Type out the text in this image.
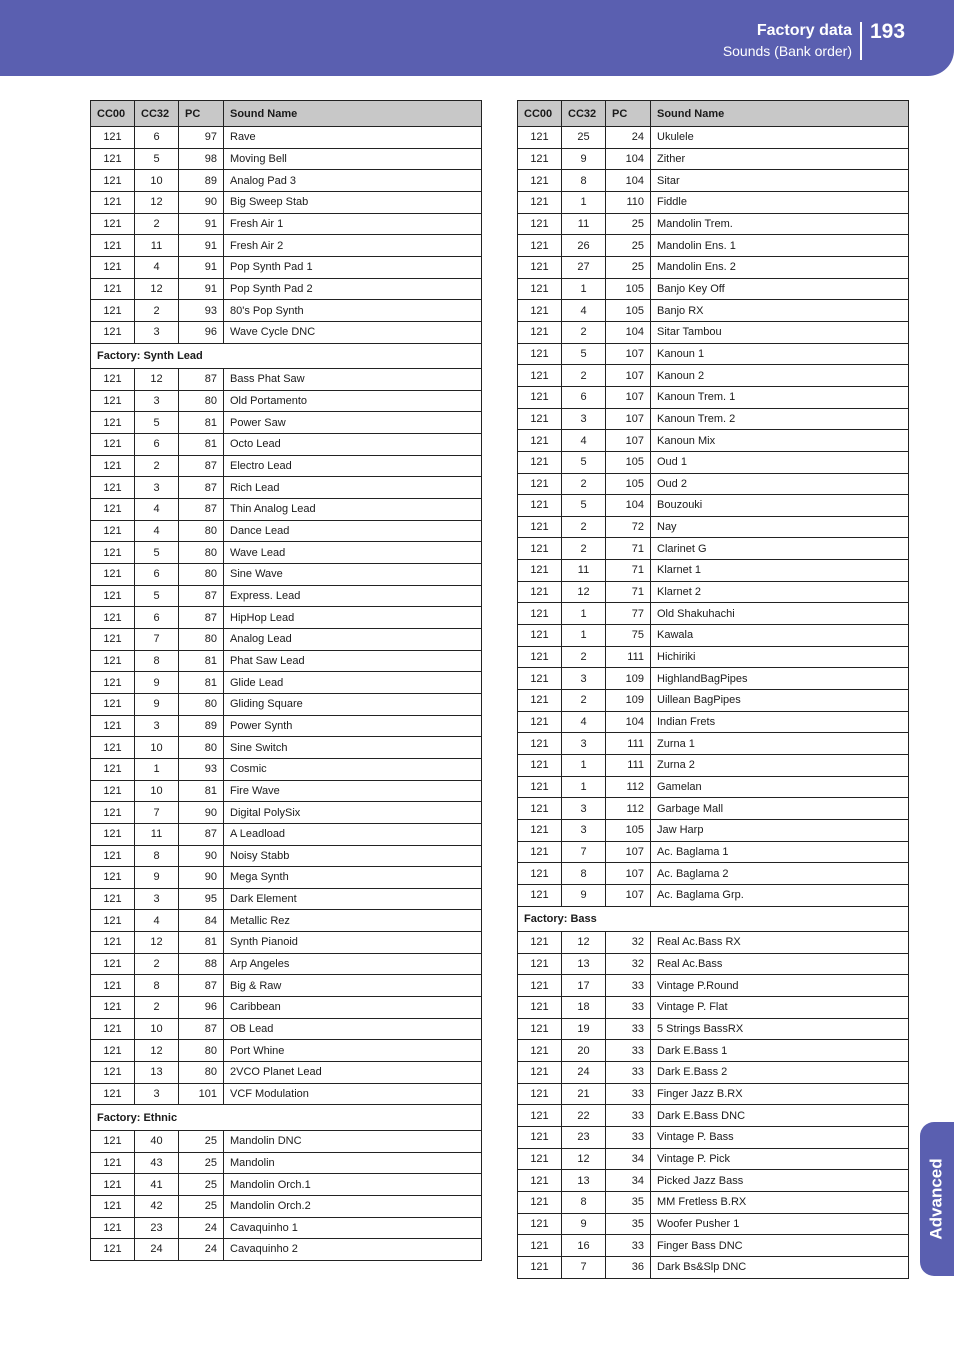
Factory data
Sounds (Bank order)
193
Advanced
CC00	CC32	PC	Sound Name
121	6	97	Rave
121	5	98	Moving Bell
121	10	89	Analog Pad 3
121	12	90	Big Sweep Stab
121	2	91	Fresh Air 1
121	11	91	Fresh Air 2
121	4	91	Pop Synth Pad 1
121	12	91	Pop Synth Pad 2
121	2	93	80's Pop Synth
121	3	96	Wave Cycle DNC
Factory: Synth Lead			
121	12	87	Bass Phat Saw
121	3	80	Old Portamento
121	5	81	Power Saw
121	6	81	Octo Lead
121	2	87	Electro Lead
121	3	87	Rich Lead
121	4	87	Thin Analog Lead
121	4	80	Dance Lead
121	5	80	Wave Lead
121	6	80	Sine Wave
121	5	87	Express. Lead
121	6	87	HipHop Lead
121	7	80	Analog Lead
121	8	81	Phat Saw Lead
121	9	81	Glide Lead
121	9	80	Gliding Square
121	3	89	Power Synth
121	10	80	Sine Switch
121	1	93	Cosmic
121	10	81	Fire Wave
121	7	90	Digital PolySix
121	11	87	A Leadload
121	8	90	Noisy Stabb
121	9	90	Mega Synth
121	3	95	Dark Element
121	4	84	Metallic Rez
121	12	81	Synth Pianoid
121	2	88	Arp Angeles
121	8	87	Big & Raw
121	2	96	Caribbean
121	10	87	OB Lead
121	12	80	Port Whine
121	13	80	2VCO Planet Lead
121	3	101	VCF Modulation
Factory: Ethnic			
121	40	25	Mandolin DNC
121	43	25	Mandolin
121	41	25	Mandolin Orch.1
121	42	25	Mandolin Orch.2
121	23	24	Cavaquinho 1
121	24	24	Cavaquinho 2
CC00	CC32	PC	Sound Name
121	25	24	Ukulele
121	9	104	Zither
121	8	104	Sitar
121	1	110	Fiddle
121	11	25	Mandolin Trem.
121	26	25	Mandolin Ens. 1
121	27	25	Mandolin Ens. 2
121	1	105	Banjo Key Off
121	4	105	Banjo RX
121	2	104	Sitar Tambou
121	5	107	Kanoun 1
121	2	107	Kanoun 2
121	6	107	Kanoun Trem. 1
121	3	107	Kanoun Trem. 2
121	4	107	Kanoun Mix
121	5	105	Oud 1
121	2	105	Oud 2
121	5	104	Bouzouki
121	2	72	Nay
121	2	71	Clarinet G
121	11	71	Klarnet 1
121	12	71	Klarnet 2
121	1	77	Old Shakuhachi
121	1	75	Kawala
121	2	111	Hichiriki
121	3	109	HighlandBagPipes
121	2	109	Uillean BagPipes
121	4	104	Indian Frets
121	3	111	Zurna 1
121	1	111	Zurna 2
121	1	112	Gamelan
121	3	112	Garbage Mall
121	3	105	Jaw Harp
121	7	107	Ac. Baglama 1
121	8	107	Ac. Baglama 2
121	9	107	Ac. Baglama Grp.
Factory: Bass			
121	12	32	Real Ac.Bass RX
121	13	32	Real Ac.Bass
121	17	33	Vintage P.Round
121	18	33	Vintage P. Flat
121	19	33	5 Strings BassRX
121	20	33	Dark E.Bass 1
121	24	33	Dark E.Bass 2
121	21	33	Finger Jazz B.RX
121	22	33	Dark E.Bass DNC
121	23	33	Vintage P. Bass
121	12	34	Vintage P. Pick
121	13	34	Picked Jazz Bass
121	8	35	MM Fretless B.RX
121	9	35	Woofer Pusher 1
121	16	33	Finger Bass DNC
121	7	36	Dark Bs&Slp DNC
